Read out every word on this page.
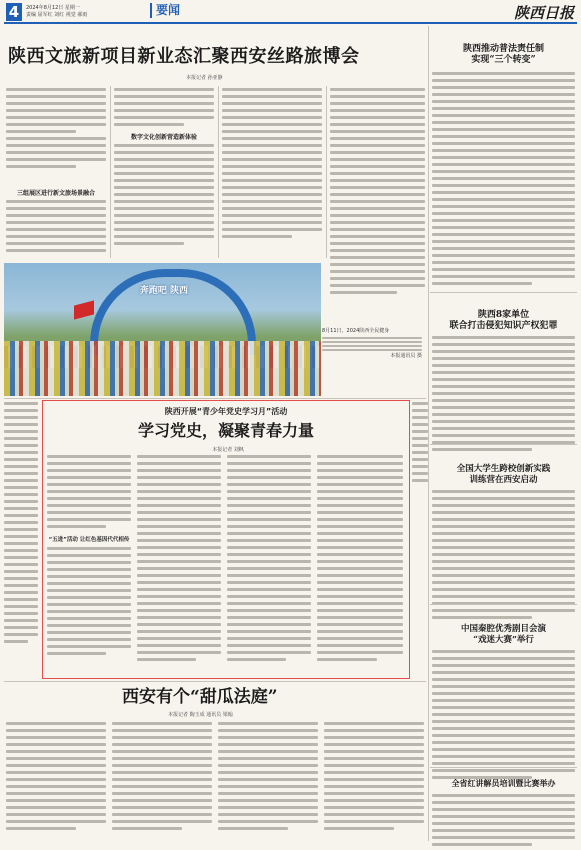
4	2024年8月12日 星期一
责编 屈军红 刘红 视觉 郝雨	要闻	陕西日报
陕西文旅新项目新业态汇聚西安丝路旅博会
本报记者 孙亚静
三组展区进行新文旅场景融合
数字文化创新营造新体验
奔跑吧 陕西
8月11日，2024陕西全民健身
本报通讯员 摄
陕西开展“青少年党史学习月”活动
学习党史，凝聚青春力量
本报记者 刘枫
“五进”活动 让红色基因代代相传
西安有个“甜瓜法庭”
本报记者 陶玉成 通讯员 梁翰
陕西推动普法责任制
实现“三个转变”
陕西8家单位
联合打击侵犯知识产权犯罪
全国大学生跨校创新实践
训练营在西安启动
中国秦腔优秀剧目会演
“戏迷大赛”举行
全省红讲解员培训暨比赛举办
